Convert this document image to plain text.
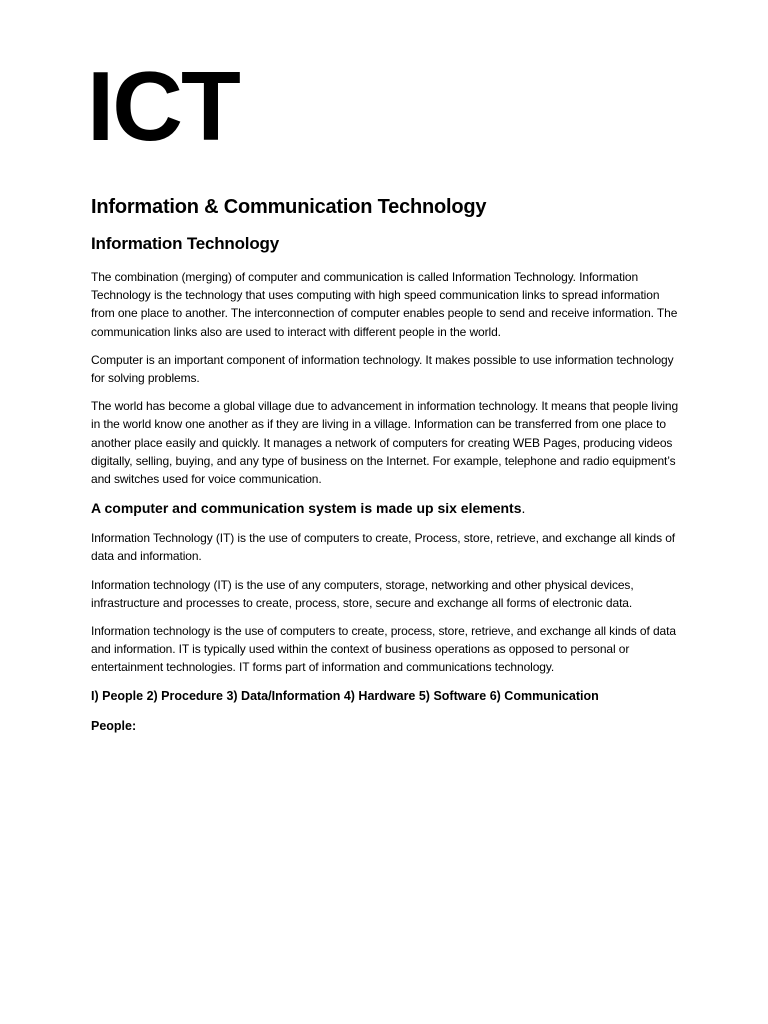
ICT
Information & Communication Technology
Information Technology

The combination (merging) of computer and communication is called Information Technology. Information Technology is the technology that uses computing with high speed communication links to spread information from one place to another. The interconnection of computer enables people to send and receive information. The communication links also are used to interact with different people in the world.

Computer is an important component of information technology. It makes possible to use information technology for solving problems.

The world has become a global village due to advancement in information technology. It means that people living in the world know one another as if they are living in a village. Information can be transferred from one place to another place easily and quickly. It manages a network of computers for creating WEB Pages, producing videos digitally, selling, buying, and any type of business on the Internet. For example, telephone and radio equipment’s and switches used for voice communication.

A computer and communication system is made up six elements.

Information Technology (IT) is the use of computers to create, Process, store, retrieve, and exchange all kinds of data and information.

Information technology (IT) is the use of any computers, storage, networking and other physical devices, infrastructure and processes to create, process, store, secure and exchange all forms of electronic data.

Information technology is the use of computers to create, process, store, retrieve, and exchange all kinds of data and information. IT is typically used within the context of business operations as opposed to personal or entertainment technologies. IT forms part of information and communications technology.

I) People 2) Procedure 3) Data/Information 4) Hardware 5) Software 6) Communication
People:
